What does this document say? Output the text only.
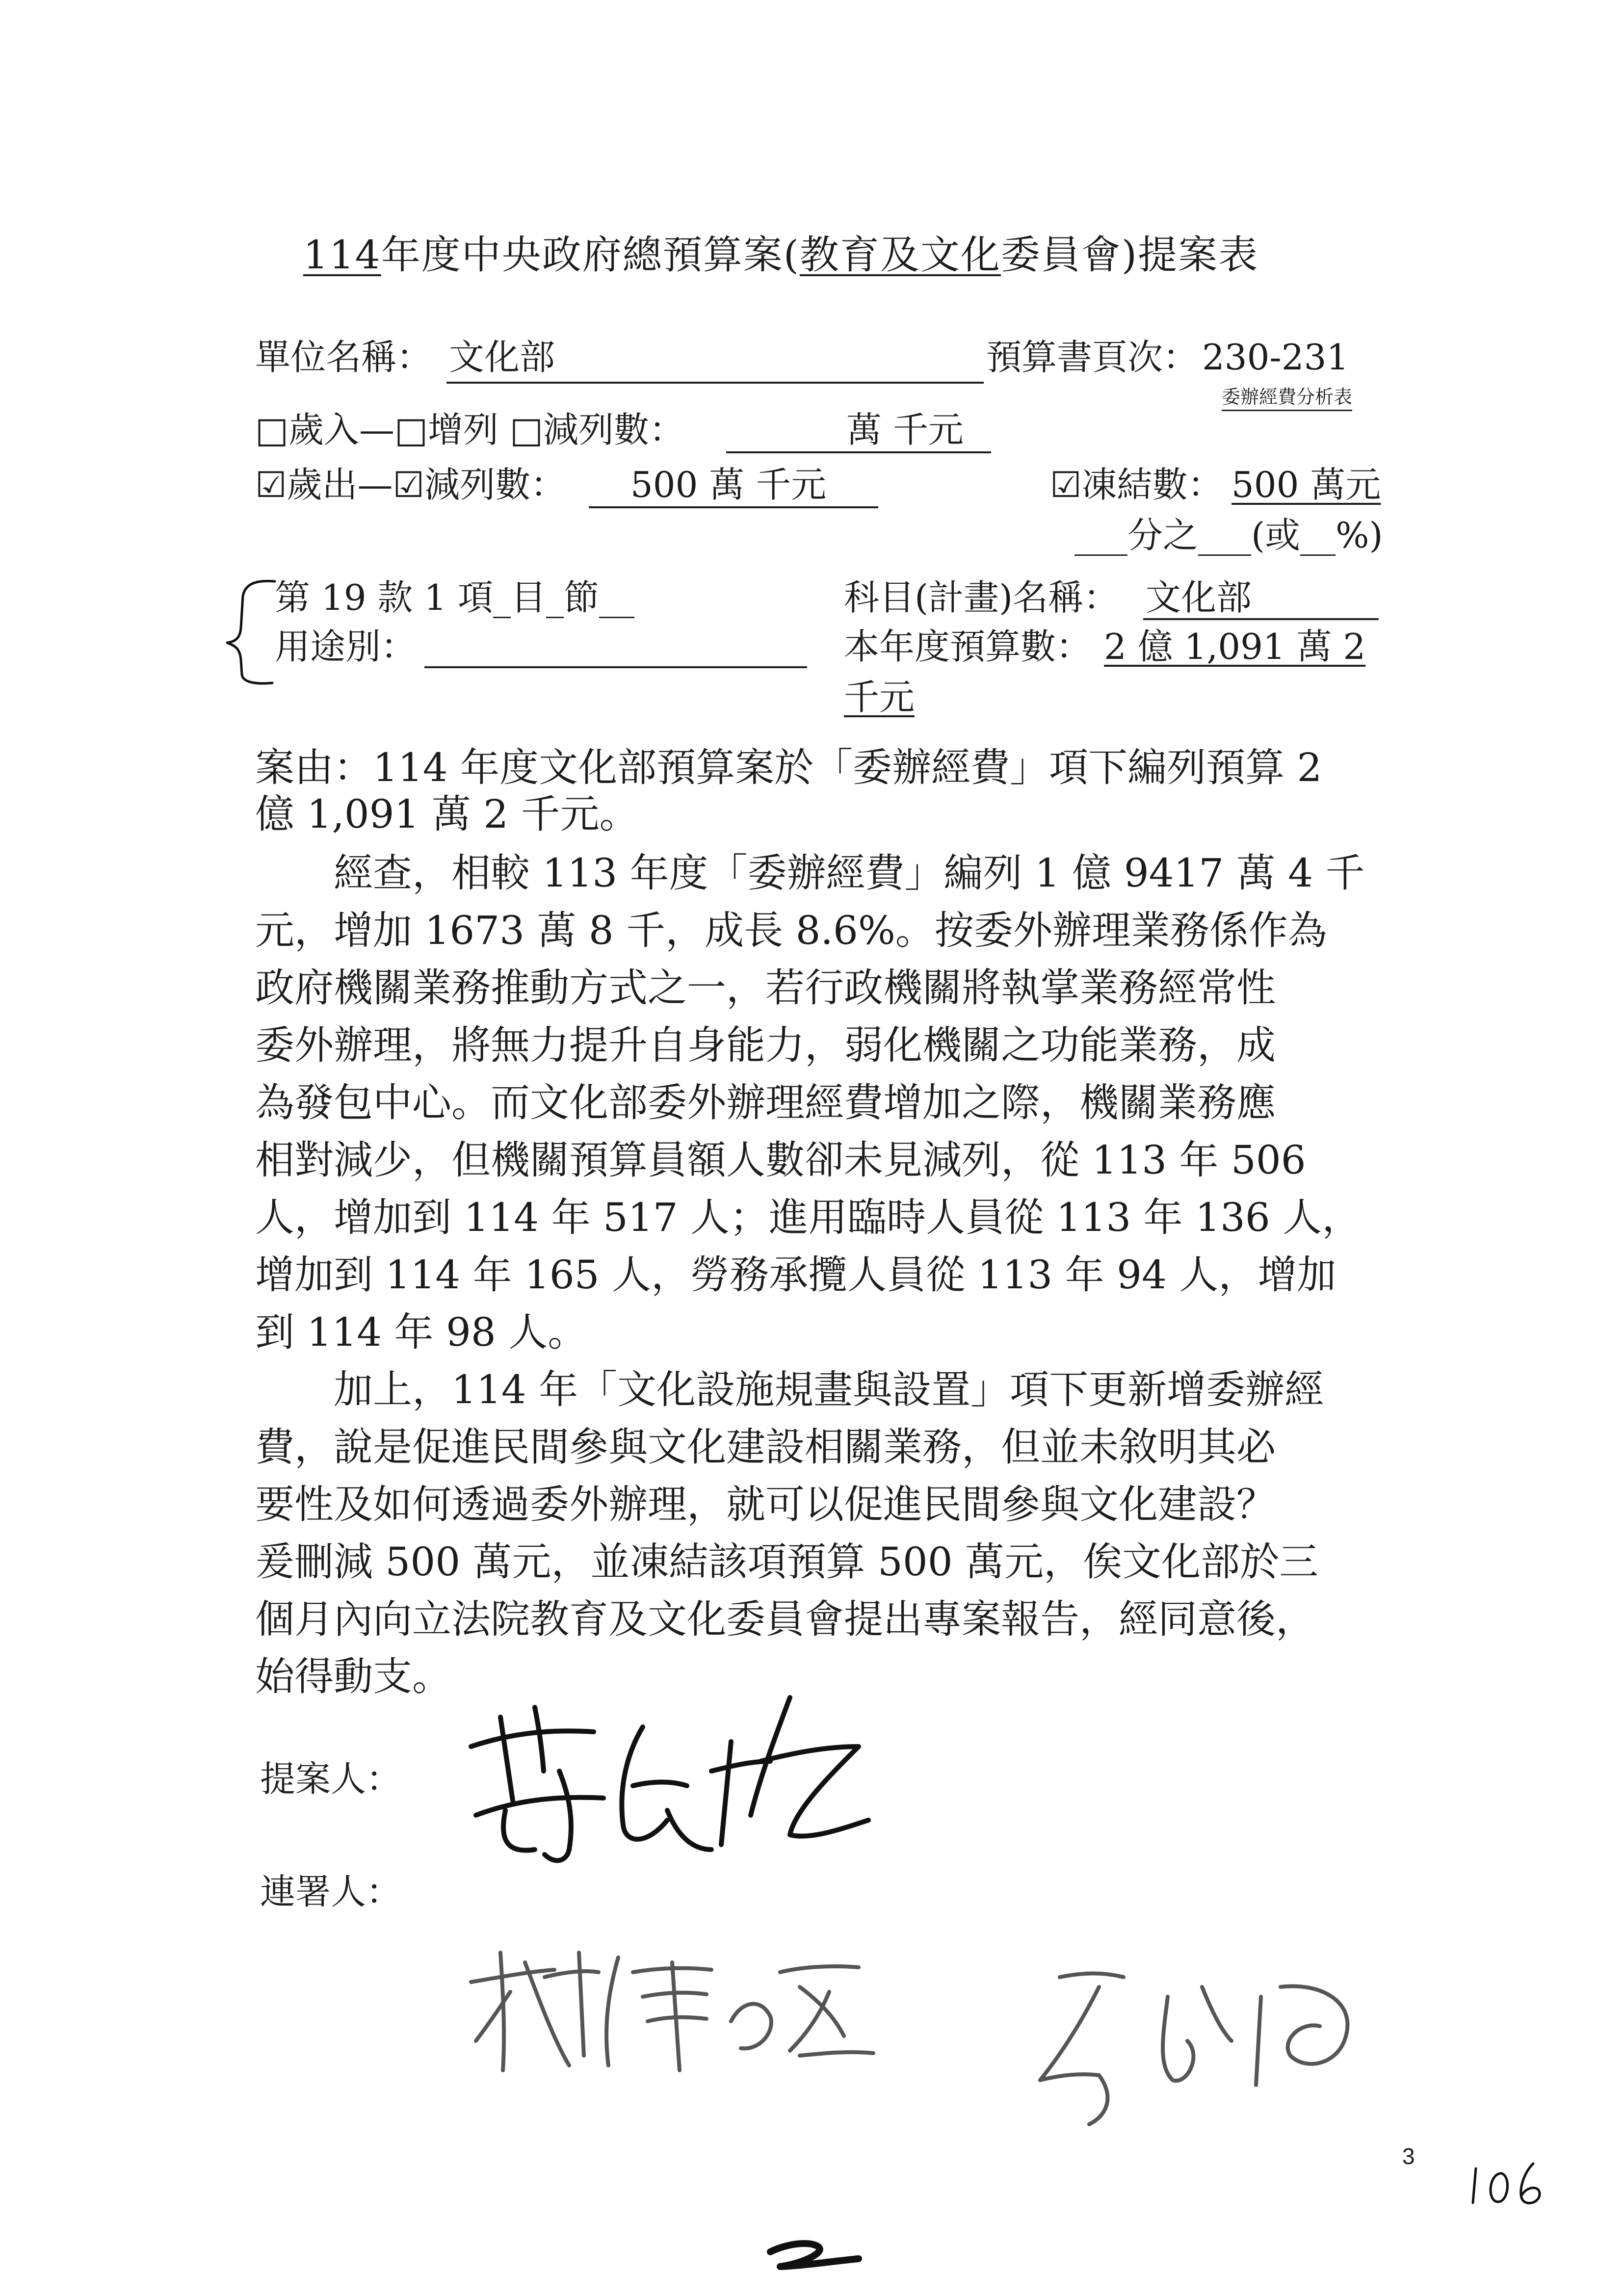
114年度中央政府總預算案(教育及文化委員會)提案表
單位名稱： 文化部	預算書頁次： 230-231
委辦經費分析表
□歲入—□增列 □減列數：	萬 千元
☑歲出—☑減列數： 500 萬 千元	☑凍結數： 500 萬元
___分之___(或__%)
第 19 款 1 項_目_節__	科目(計畫)名稱： 文化部
用途別：	本年度預算數： 2 億 1,091 萬 2
千元
案由：114 年度文化部預算案於「委辦經費」項下編列預算 2
億 1,091 萬 2 千元。
　　經查，相較 113 年度「委辦經費」編列 1 億 9417 萬 4 千
元，增加 1673 萬 8 千，成長 8.6%。按委外辦理業務係作為
政府機關業務推動方式之一，若行政機關將執掌業務經常性
委外辦理，將無力提升自身能力，弱化機關之功能業務，成
為發包中心。而文化部委外辦理經費增加之際，機關業務應
相對減少，但機關預算員額人數卻未見減列，從 113 年 506
人，增加到 114 年 517 人；進用臨時人員從 113 年 136 人，
增加到 114 年 165 人，勞務承攬人員從 113 年 94 人，增加
到 114 年 98 人。
　　加上，114 年「文化設施規畫與設置」項下更新增委辦經
費，說是促進民間參與文化建設相關業務，但並未敘明其必
要性及如何透過委外辦理，就可以促進民間參與文化建設？
爰刪減 500 萬元，並凍結該項預算 500 萬元，俟文化部於三
個月內向立法院教育及文化委員會提出專案報告，經同意後，
始得動支。
提案人：
連署人：
3
